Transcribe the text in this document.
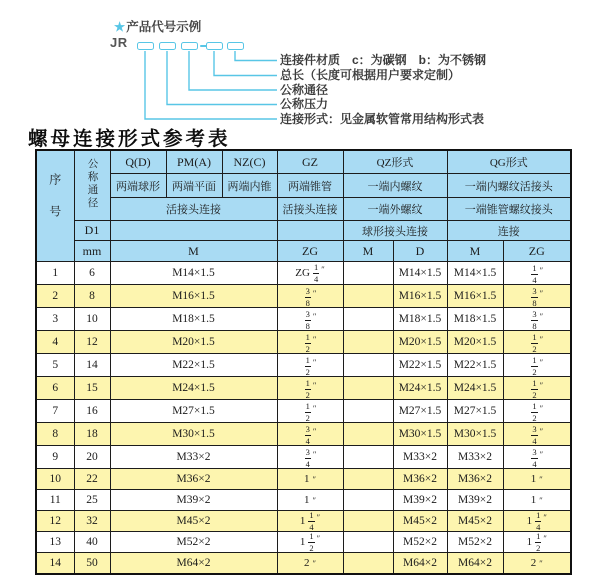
★产品代号示例
JR
连接件材质　c：为碳钢　b：为不锈钢
总长（长度可根据用户要求定制）
公称通径
公称压力
连接形式：见金属软管常用结构形式表
螺母连接形式参考表
序号	公称通径	Q(D)	PM(A)	NZ(C)	GZ	QZ形式		QG形式	
		两端球形	两端平面	两端内锥	两端锥管	一端内螺纹		一端内螺纹活接头	
		活接头连接			活接头连接	一端外螺纹		一端锥管螺纹接头	
	D1					球形接头连接		连接	
	mm	M			ZG	M	D	M	ZG
1	6	M14×1.5			ZG $\frac{1}{4}$ ″		M14×1.5	M14×1.5	$\frac{1}{4}$ ″

2	8	M16×1.5			$\frac{3}{8}$ ″		M16×1.5	M16×1.5	$\frac{3}{8}$ ″

3	10	M18×1.5			$\frac{3}{8}$ ″		M18×1.5	M18×1.5	$\frac{3}{8}$ ″

4	12	M20×1.5			$\frac{1}{2}$ ″		M20×1.5	M20×1.5	$\frac{1}{2}$ ″

5	14	M22×1.5			$\frac{1}{2}$ ″		M22×1.5	M22×1.5	$\frac{1}{2}$ ″

6	15	M24×1.5			$\frac{1}{2}$ ″		M24×1.5	M24×1.5	$\frac{1}{2}$ ″

7	16	M27×1.5			$\frac{1}{2}$ ″		M27×1.5	M27×1.5	$\frac{1}{2}$ ″

8	18	M30×1.5			$\frac{3}{4}$ ″		M30×1.5	M30×1.5	$\frac{3}{4}$ ″

9	20	M33×2			$\frac{3}{4}$ ″		M33×2	M33×2	$\frac{3}{4}$ ″

10	22	M36×2			1 ″		M36×2	M36×2	1 ″

11	25	M39×2			1 ″		M39×2	M39×2	1 ″

12	32	M45×2			$1 \frac{1}{4}$ ″		M45×2	M45×2	$1 \frac{1}{4}$ ″

13	40	M52×2			$1 \frac{1}{2}$ ″		M52×2	M52×2	$1 \frac{1}{2}$ ″

14	50	M64×2			2 ″		M64×2	M64×2	2 ″
